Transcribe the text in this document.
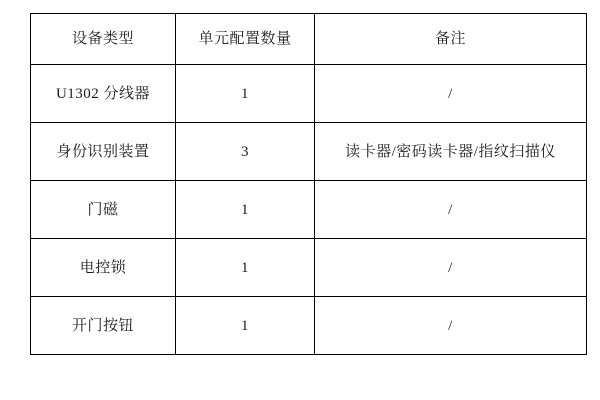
设备类型	单元配置数量	备注
U1302 分线器	1	/
身份识别装置	3	读卡器/密码读卡器/指纹扫描仪
门磁	1	/
电控锁	1	/
开门按钮	1	/
